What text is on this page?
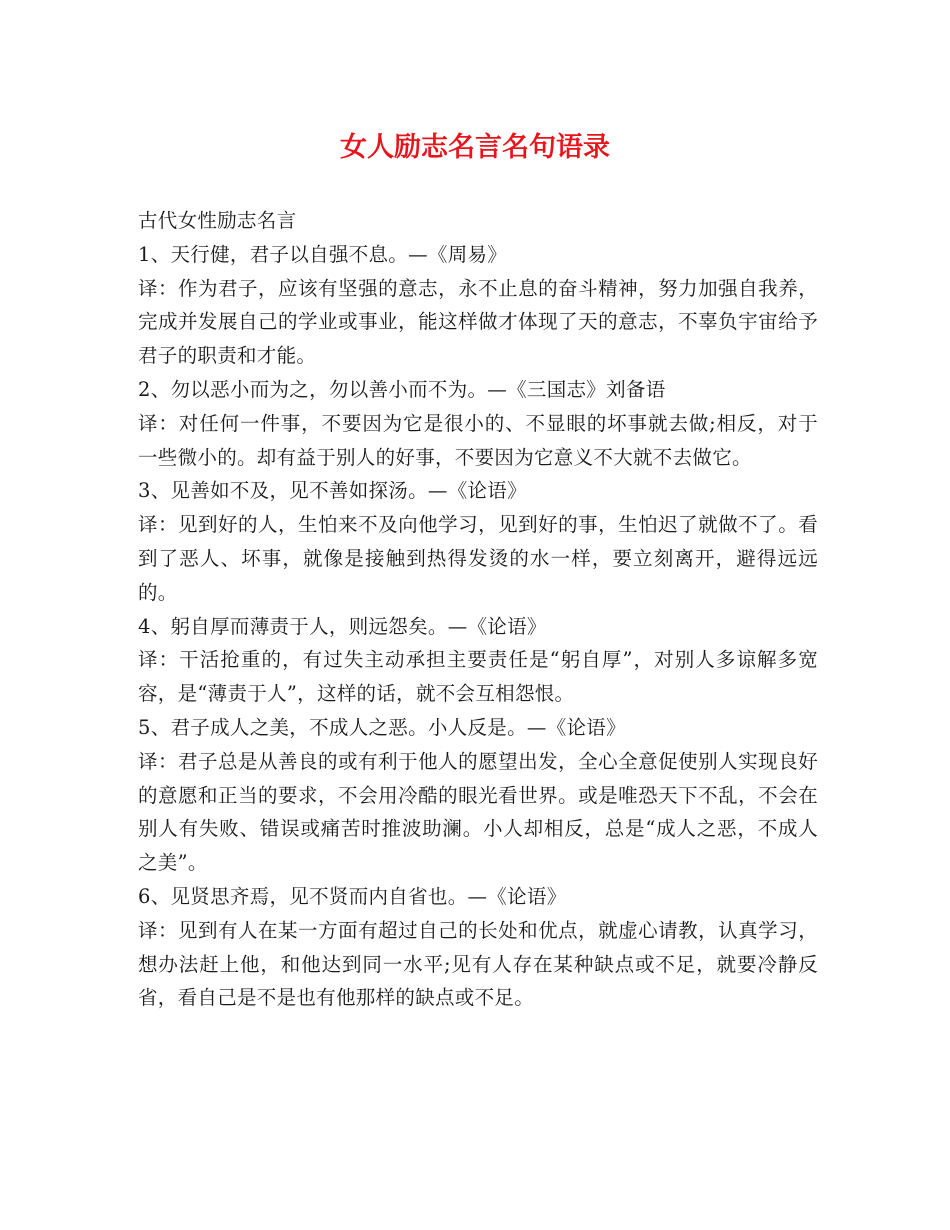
女人励志名言名句语录

古代女性励志名言

1、天行健，君子以自强不息。—《周易》

译：作为君子，应该有坚强的意志，永不止息的奋斗精神，努力加强自我养，完成并发展自己的学业或事业，能这样做才体现了天的意志，不辜负宇宙给予君子的职责和才能。

2、勿以恶小而为之，勿以善小而不为。—《三国志》刘备语

译：对任何一件事，不要因为它是很小的、不显眼的坏事就去做;相反，对于一些微小的。却有益于别人的好事，不要因为它意义不大就不去做它。

3、见善如不及，见不善如探汤。—《论语》

译：见到好的人，生怕来不及向他学习，见到好的事，生怕迟了就做不了。看到了恶人、坏事，就像是接触到热得发烫的水一样，要立刻离开，避得远远的。

4、躬自厚而薄责于人，则远怨矣。—《论语》

译：干活抢重的，有过失主动承担主要责任是“躬自厚”，对别人多谅解多宽容，是“薄责于人”，这样的话，就不会互相怨恨。

5、君子成人之美，不成人之恶。小人反是。—《论语》

译：君子总是从善良的或有利于他人的愿望出发，全心全意促使别人实现良好的意愿和正当的要求，不会用冷酷的眼光看世界。或是唯恐天下不乱，不会在别人有失败、错误或痛苦时推波助澜。小人却相反，总是“成人之恶，不成人之美”。

6、见贤思齐焉，见不贤而内自省也。—《论语》

译：见到有人在某一方面有超过自己的长处和优点，就虚心请教，认真学习，想办法赶上他，和他达到同一水平;见有人存在某种缺点或不足，就要冷静反省，看自己是不是也有他那样的缺点或不足。
